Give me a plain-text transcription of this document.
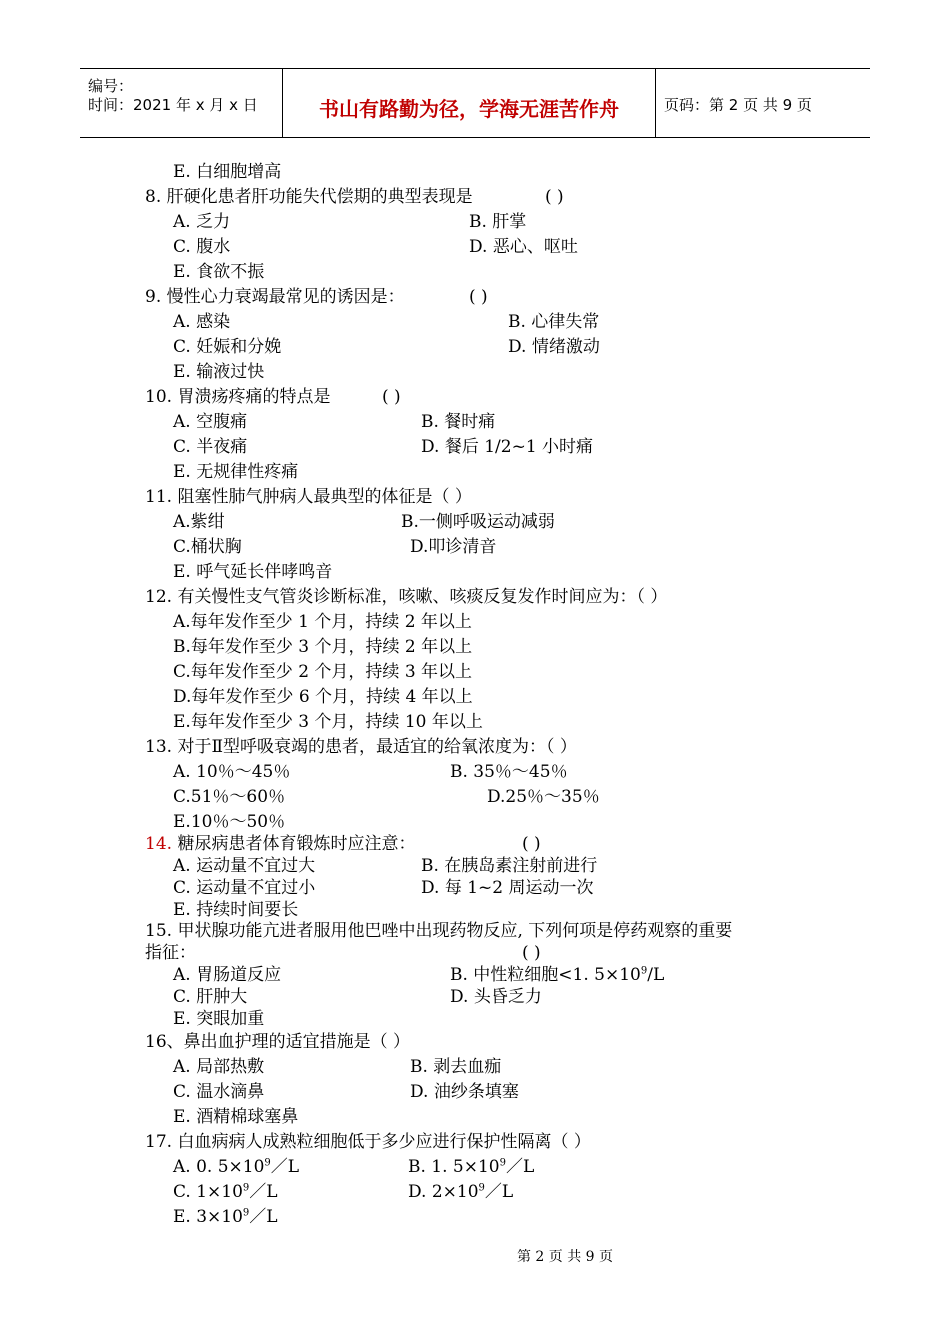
编号：
时间：2021 年 x 月 x 日	书山有路勤为径，学海无涯苦作舟	页码：第 2 页 共 9 页
E. 白细胞增高
8. 肝硬化患者肝功能失代偿期的典型表现是	( )
A. 乏力	B. 肝掌
C. 腹水	D. 恶心、呕吐
E. 食欲不振
9. 慢性心力衰竭最常见的诱因是：	( )
A. 感染	B. 心律失常
C. 妊娠和分娩	D. 情绪激动
E. 输液过快
10. 胃溃疡疼痛的特点是	( )
A. 空腹痛	B. 餐时痛
C. 半夜痛	D. 餐后 1/2~1 小时痛
E. 无规律性疼痛
11. 阻塞性肺气肿病人最典型的体征是（ ）
A.紫绀	B.一侧呼吸运动减弱
C.桶状胸	D.叩诊清音
E. 呼气延长伴哮鸣音
12. 有关慢性支气管炎诊断标准，咳嗽、咳痰反复发作时间应为：（ ）
A.每年发作至少 1 个月，持续 2 年以上
B.每年发作至少 3 个月，持续 2 年以上
C.每年发作至少 2 个月，持续 3 年以上
D.每年发作至少 6 个月，持续 4 年以上
E.每年发作至少 3 个月，持续 10 年以上
13. 对于Ⅱ型呼吸衰竭的患者，最适宜的给氧浓度为：（ ）
A. 10％～45％	B. 35％～45％
C.51％～60％	D.25％～35％
E.10％～50％
14. 糖尿病患者体育锻炼时应注意：	( )
A. 运动量不宜过大	B. 在胰岛素注射前进行
C. 运动量不宜过小	D. 每 1~2 周运动一次
E. 持续时间要长
15. 甲状腺功能亢进者服用他巴唑中出现药物反应, 下列何项是停药观察的重要
指征：	( )
A. 胃肠道反应	B. 中性粒细胞<1. $5\times 10^9/L$
C. 肝肿大	D. 头昏乏力
E. 突眼加重
16、鼻出血护理的适宜措施是（ ）
A. 局部热敷	B. 剥去血痂
C. 温水滴鼻	D. 油纱条填塞
E. 酒精棉球塞鼻
17. 白血病病人成熟粒细胞低于多少应进行保护性隔离（ ）
A. 0. $5\times 10^9/L$	B. 1. $5\times 10^9/L$
C. $1\times 10^9/L$	D. $2\times 10^9/L$
E. $3\times 10^9/L$
第 2 页 共 9 页
